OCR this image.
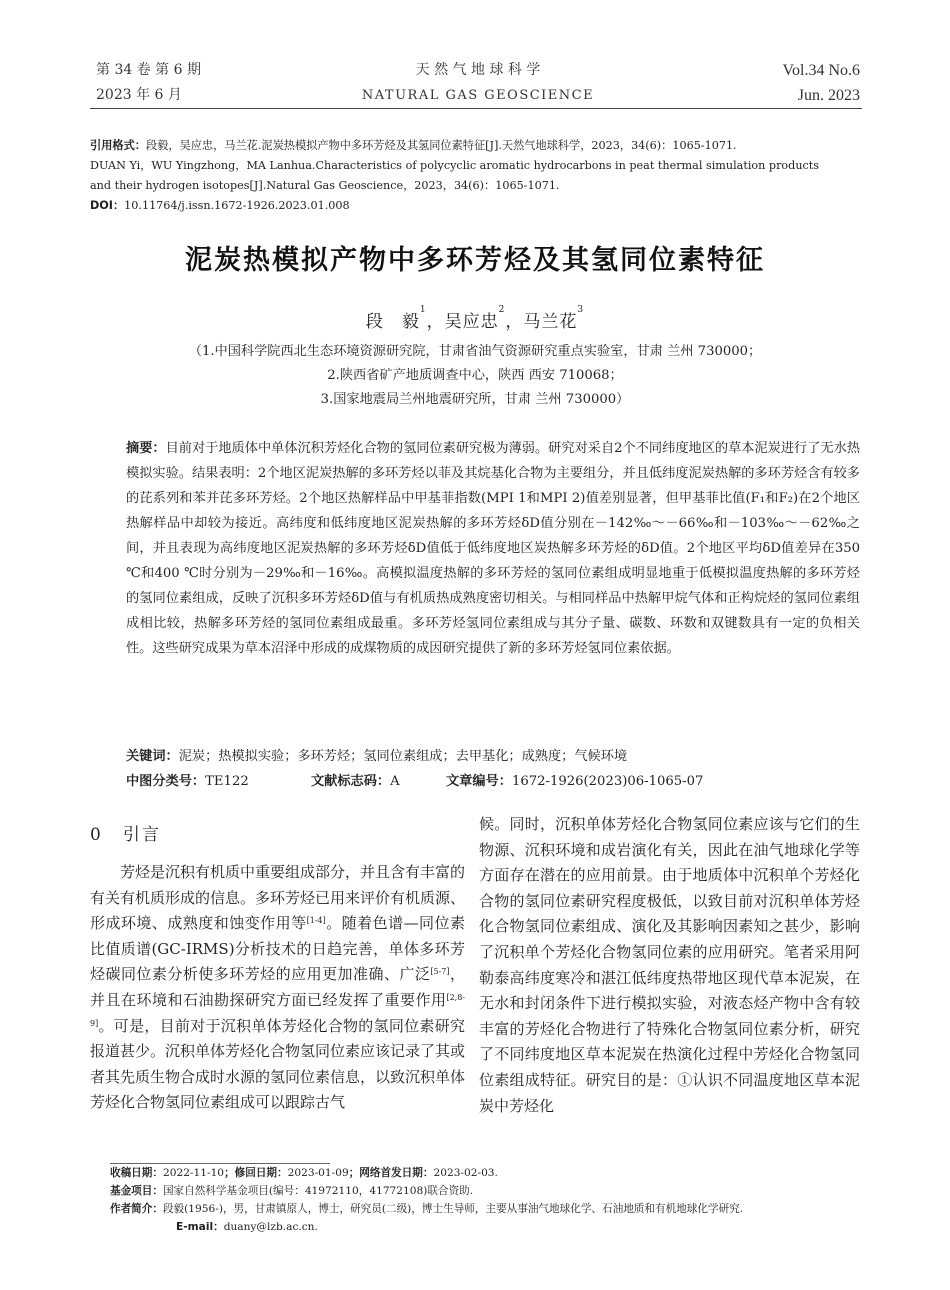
第 34 卷 第 6 期
2023 年 6 月
天 然 气 地 球 科 学
NATURAL GAS GEOSCIENCE
Vol.34 No.6
Jun. 2023
引用格式：段毅，吴应忠，马兰花.泥炭热模拟产物中多环芳烃及其氢同位素特征[J].天然气地球科学，2023，34(6)：1065-1071.
DUAN Yi，WU Yingzhong，MA Lanhua.Characteristics of polycyclic aromatic hydrocarbons in peat thermal simulation products
and their hydrogen isotopes[J].Natural Gas Geoscience，2023，34(6)：1065-1071.
DOI：10.11764/j.issn.1672-1926.2023.01.008
泥炭热模拟产物中多环芳烃及其氢同位素特征
段　毅$^1$，吴应忠$^2$，马兰花$^3$
（1.中国科学院西北生态环境资源研究院，甘肃省油气资源研究重点实验室，甘肃 兰州 730000；
2.陕西省矿产地质调查中心，陕西 西安 710068；
3.国家地震局兰州地震研究所，甘肃 兰州 730000）
摘要：目前对于地质体中单体沉积芳烃化合物的氢同位素研究极为薄弱。研究对采自2个不同纬度地区的草本泥炭进行了无水热模拟实验。结果表明：2个地区泥炭热解的多环芳烃以菲及其烷基化合物为主要组分，并且低纬度泥炭热解的多环芳烃含有较多的芘系列和苯并芘多环芳烃。2个地区热解样品中甲基菲指数(MPI 1和MPI 2)值差别显著，但甲基菲比值(F₁和F₂)在2个地区热解样品中却较为接近。高纬度和低纬度地区泥炭热解的多环芳烃δD值分别在－142‰～－66‰和－103‰～－62‰之间，并且表现为高纬度地区泥炭热解的多环芳烃δD值低于低纬度地区炭热解多环芳烃的δD值。2个地区平均δD值差异在350 ℃和400 ℃时分别为－29‰和－16‰。高模拟温度热解的多环芳烃的氢同位素组成明显地重于低模拟温度热解的多环芳烃的氢同位素组成，反映了沉积多环芳烃δD值与有机质热成熟度密切相关。与相同样品中热解甲烷气体和正构烷烃的氢同位素组成相比较，热解多环芳烃的氢同位素组成最重。多环芳烃氢同位素组成与其分子量、碳数、环数和双键数具有一定的负相关性。这些研究成果为草本沼泽中形成的成煤物质的成因研究提供了新的多环芳烃氢同位素依据。
关键词：泥炭；热模拟实验；多环芳烃；氢同位素组成；去甲基化；成熟度；气候环境
中图分类号：TE122	文献标志码：A	文章编号：1672-1926(2023)06-1065-07
0 引言

芳烃是沉积有机质中重要组成部分，并且含有丰富的有关有机质形成的信息。多环芳烃已用来评价有机质源、形成环境、成熟度和蚀变作用等[1-4]。随着色谱—同位素比值质谱(GC-IRMS)分析技术的日趋完善，单体多环芳烃碳同位素分析使多环芳烃的应用更加准确、广泛[5-7]，并且在环境和石油勘探研究方面已经发挥了重要作用[2,8-9]。可是，目前对于沉积单体芳烃化合物的氢同位素研究报道甚少。沉积单体芳烃化合物氢同位素应该记录了其或者其先质生物合成时水源的氢同位素信息，以致沉积单体芳烃化合物氢同位素组成可以跟踪古气

候。同时，沉积单体芳烃化合物氢同位素应该与它们的生物源、沉积环境和成岩演化有关，因此在油气地球化学等方面存在潜在的应用前景。由于地质体中沉积单个芳烃化合物的氢同位素研究程度极低，以致目前对沉积单体芳烃化合物氢同位素组成、演化及其影响因素知之甚少，影响了沉积单个芳烃化合物氢同位素的应用研究。笔者采用阿勒泰高纬度寒冷和湛江低纬度热带地区现代草本泥炭，在无水和封闭条件下进行模拟实验，对液态烃产物中含有较丰富的芳烃化合物进行了特殊化合物氢同位素分析，研究了不同纬度地区草本泥炭在热演化过程中芳烃化合物氢同位素组成特征。研究目的是：①认识不同温度地区草本泥炭中芳烃化

收稿日期：2022-11-10；修回日期：2023-01-09；网络首发日期：2023-02-03.
基金项目：国家自然科学基金项目(编号：41972110，41772108)联合资助.
作者简介：段毅(1956-)，男，甘肃镇原人，博士，研究员(二级)，博士生导师，主要从事油气地球化学、石油地质和有机地球化学研究.
E-mail：duany@lzb.ac.cn.
